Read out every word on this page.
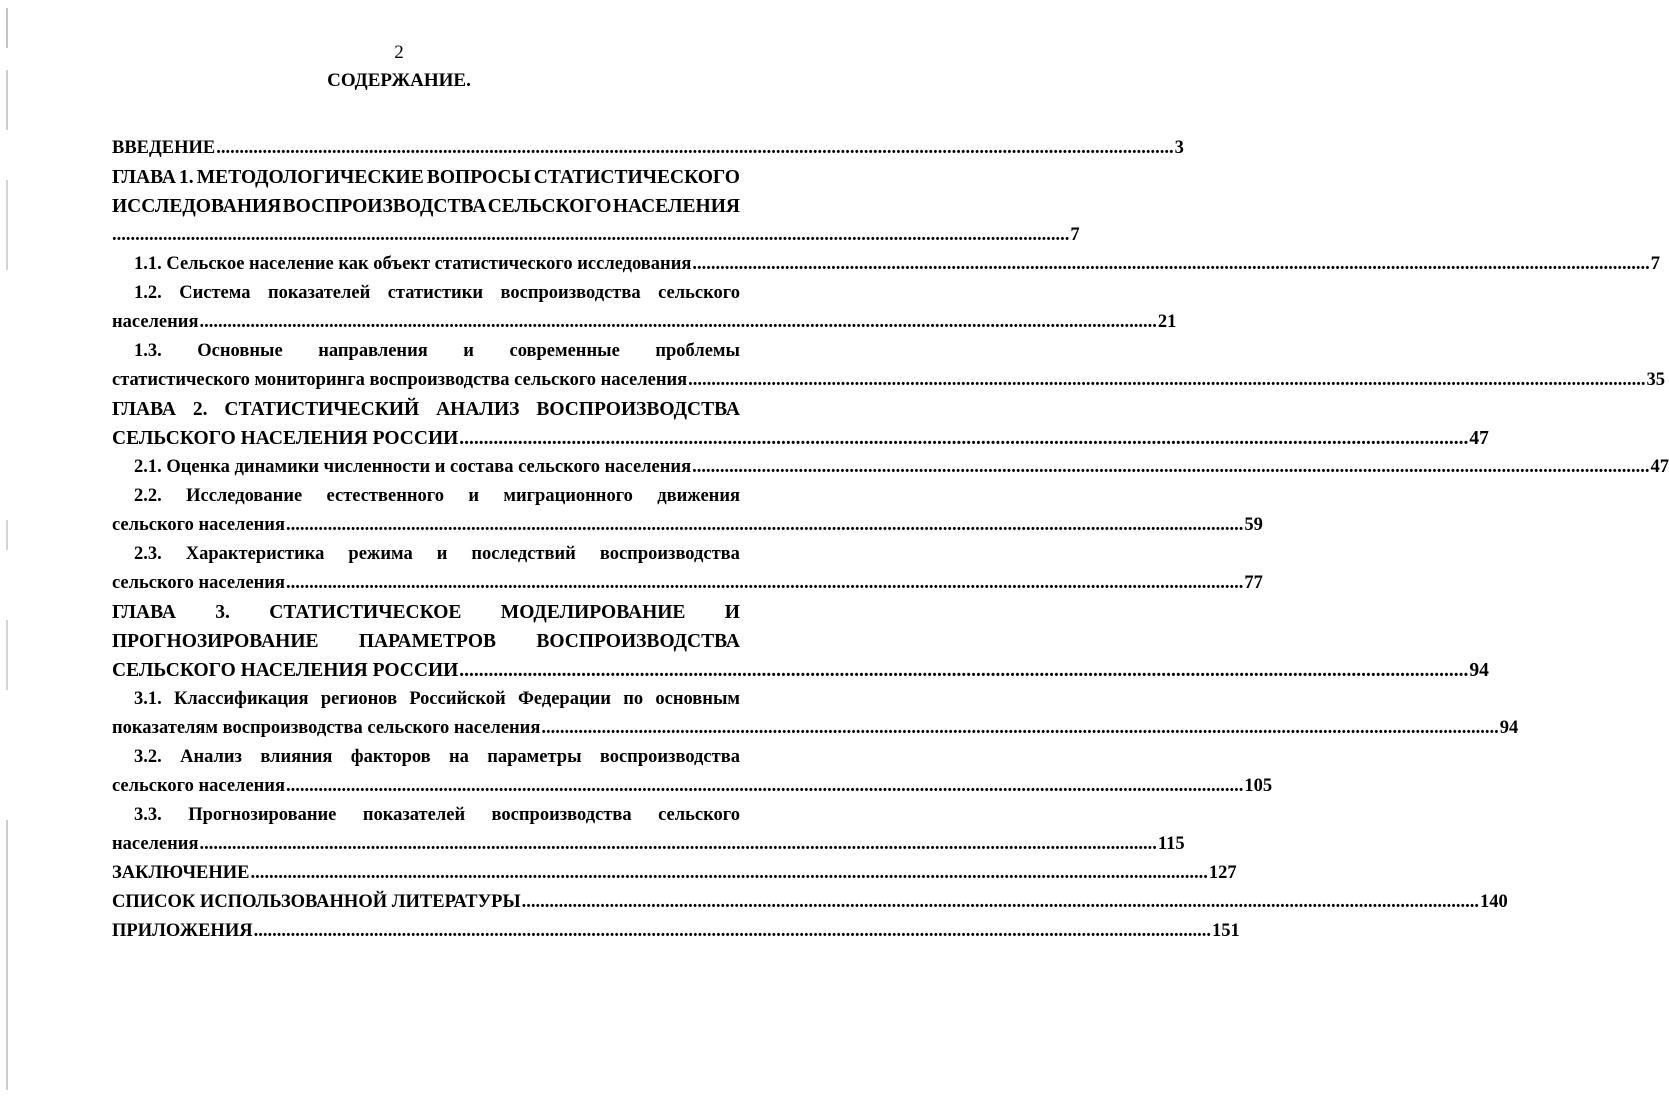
2
СОДЕРЖАНИЕ.
ВВЕДЕНИЕ ............................................................................................................................................................................................................... 3
ГЛАВА 1. МЕТОДОЛОГИЧЕСКИЕ ВОПРОСЫ СТАТИСТИЧЕСКОГО
ИССЛЕДОВАНИЯ ВОСПРОИЗВОДСТВА СЕЛЬСКОГО НАСЕЛЕНИЯ
............................................................................................................................................................................................................... 7
1.1. Сельское население как объект статистического исследования ............................................................................................................................................................................................................... 7
1.2. Система показателей статистики воспроизводства сельского
населения ............................................................................................................................................................................................................... 21
1.3. Основные направления и современные проблемы
статистического мониторинга воспроизводства сельского населения ............................................................................................................................................................................................................... 35
ГЛАВА 2. СТАТИСТИЧЕСКИЙ АНАЛИЗ ВОСПРОИЗВОДСТВА
СЕЛЬСКОГО НАСЕЛЕНИЯ РОССИИ ............................................................................................................................................................................................................... 47
2.1. Оценка динамики численности и состава сельского населения ............................................................................................................................................................................................................... 47
2.2. Исследование естественного и миграционного движения
сельского населения ............................................................................................................................................................................................................... 59
2.3. Характеристика режима и последствий воспроизводства
сельского населения ............................................................................................................................................................................................................... 77
ГЛАВА 3. СТАТИСТИЧЕСКОЕ МОДЕЛИРОВАНИЕ И
ПРОГНОЗИРОВАНИЕ ПАРАМЕТРОВ ВОСПРОИЗВОДСТВА
СЕЛЬСКОГО НАСЕЛЕНИЯ РОССИИ ............................................................................................................................................................................................................... 94
3.1. Классификация регионов Российской Федерации по основным
показателям воспроизводства сельского населения ............................................................................................................................................................................................................... 94
3.2. Анализ влияния факторов на параметры воспроизводства
сельского населения ............................................................................................................................................................................................................... 105
3.3. Прогнозирование показателей воспроизводства сельского
населения ............................................................................................................................................................................................................... 115
ЗАКЛЮЧЕНИЕ ............................................................................................................................................................................................................... 127
СПИСОК ИСПОЛЬЗОВАННОЙ ЛИТЕРАТУРЫ ............................................................................................................................................................................................................... 140
ПРИЛОЖЕНИЯ ............................................................................................................................................................................................................... 151
